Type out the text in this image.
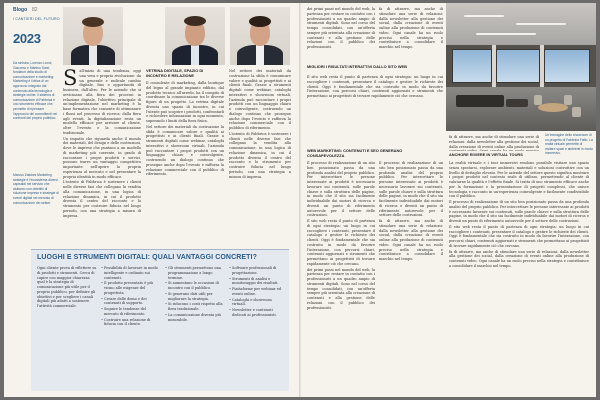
Blogo 82
I CANTIERI DEL FUTURO
2023
Da sinistra, Lorenzo Leoni, Giacomo e Martino Sarzi, fondatori della studio di comunicazione e marketing: Marketing è l'ottica di un approccio integrato dal contenuto alla tecnologia e strategie online: il sistema di comunicazione di Fabbrica è uno strumento efficace che permette di ripensare l'approccio dei committenti nei confronti del proprio pubblico.
Marcus Zalukes Marketing strategie è l'ecosistema diversi capisaldi nel servizio che aiutiamo con obiettivi di riduzione imprese e strategie di eventi digitali nel mercato di comunicazione dei settori.
S all'inizio di una tendenza, oggi una vera e propria rivoluzione: da un generale e radicale cambio digitale, fino e opportunità di business, dall'altro. Per le aziende che si avvicinano alla fiera dei processi in relazione digitale, l'obiettivo principale di un'implementazione nel marketing è la base formativa che consente di ottimizzare i flussi nel processo di ricerca: dalla fiera agli eventi, la digitalizzazione resta un modello efficace per arrivare al cliente, oltre l'evento e la comunicazione tradizionale.

Un impatto che riguarda anche il mondo dei materiali, del design e delle costruzioni, dove le imprese che puntano a un modello di marketing più coerente, in grado di raccontare i propri prodotti e servizi, possono trarre un vantaggio competitivo importante nell'aprire la propria esperienza al mercato e nel presentare la propria identità in modo efficace.

L'intento di Fabbrica è sostenere i clienti nelle diverse fasi che collegano la vendita alla comunicazione, in una logica di relazione dinamica, in cui il prodotto diventa il centro del racconto e lo strumento per costruire fiducia nel lungo periodo, con una strategia a misura di impresa.

VETRINA DIGITALE, SPAZIO DI INCONTRO E RELAZIONE

Il consulente di marketing, dalla boutique del legno al grande impianto edilizio, dal prodotto tecnico all'arredo, ha il compito di coordinare la comunicazione tra le diverse figure di un progetto. La vetrina digitale diventa uno spazio di incontro, in cui l'utente può scoprire i prodotti, confrontarli e richiedere informazioni in ogni momento, superando i limiti della fiera fisica.

Nel settore dei materiali da costruzione la sfida è comunicare valore e qualità ai progettisti e ai clienti finali. Grazie a strumenti digitali come webinar, cataloghi interattivi e showroom virtuali, l'azienda può raccontare i propri prodotti con un linguaggio chiaro e coinvolgente, costruendo un dialogo continuo che prosegue anche dopo l'evento e rafforza la relazione commerciale con il pubblico di riferimento.

Nel settore dei materiali da costruzione la sfida è comunicare valore e qualità ai progettisti e ai clienti finali. Grazie a strumenti digitali come webinar, cataloghi interattivi e showroom virtuali, l'azienda può raccontare i propri prodotti con un linguaggio chiaro e coinvolgente, costruendo un dialogo continuo che prosegue anche dopo l'evento e rafforza la relazione commerciale con il pubblico di riferimento.

L'intento di Fabbrica è sostenere i clienti nelle diverse fasi che collegano la vendita alla comunicazione, in una logica di relazione dinamica, in cui il prodotto diventa il centro del racconto e lo strumento per costruire fiducia nel lungo periodo, con una strategia a misura di impresa.

LUOGHI E STRUMENTI DIGITALI: QUALI VANTAGGI CONCRETI?

Ogni cliente prova di riflettere su di prodotti e strumenti. Cerca di capire con maggior chiarezza qual è la strategia di comunicazione più utile per il proprio pubblico, per definire gli obiettivi e per scegliere i canali digitali più adatti a sostenere l'attività commerciale.

• Possibilità di lavorare in modo intelligente e ordinato sui contenuti.
• Il prodotto presentato è più vicino alle esigenze del progettista.
• Creare delle demo e dei contenuti di supporto.
• Seguire le tendenze del mercato di riferimento.
• Costruire una relazione di fiducia con il cliente.
• Gli strumenti permettono una programmazione a lungo termine.
• Si aumentano le occasioni di incontro con il pubblico.
• Si generano dati utili per migliorare la strategia.
• Si riducono i costi rispetto alla fiera tradizionale.
• La comunicazione diventa più misurabile.
• Software professionali di progettazione.
• Strumenti di analisi e monitoraggio dei risultati.
• Piattaforme per webinar ed eventi online.
• Cataloghi e showroom virtuali.
• Newsletter e contenuti dedicati ai professionisti.

dei primi passi nel mondo del web, la partenza per restare in contatto con i professionisti a un quadro ampio di strumenti digitali. Sono nel corso del tempo consolidati, con un'offerta sempre più orientata alla creazione di contenuti e alla gestione delle relazioni con il pubblico dei professionisti.

MIGLIORI I RISULTATI INTERATTIVI DALLO SITO WEB

Il sito web resta il punto di partenza di ogni strategia: un luogo in cui raccogliere i contenuti, presentare il catalogo e gestire le richieste dei clienti. Oggi è fondamentale che sia costruito in modo da favorire l'interazione, con percorsi chiari, contenuti aggiornati e strumenti che permettano ai progettisti di trovare rapidamente ciò che cercano.

WEB MARKETING: CONTENUTI E SEO GENERANO CONSAPEVOLEZZA

Il processo di realizzazione di un sito ben posizionato passa da una profonda analisi del proprio pubblico. Per intercettare le persone interessate ai prodotti è necessario lavorare sui contenuti, sulle parole chiave e sulla struttura delle pagine, in modo che il sito sia facilmente individuabile dai motori di ricerca e diventi un punto di riferimento autorevole per il settore delle costruzioni.

Il sito web resta il punto di partenza di ogni strategia: un luogo in cui raccogliere i contenuti, presentare il catalogo e gestire le richieste dei clienti. Oggi è fondamentale che sia costruito in modo da favorire l'interazione, con percorsi chiari, contenuti aggiornati e strumenti che permettano ai progettisti di trovare rapidamente ciò che cercano.

dei primi passi nel mondo del web, la partenza per restare in contatto con i professionisti a un quadro ampio di strumenti digitali. Sono nel corso del tempo consolidati, con un'offerta sempre più orientata alla creazione di contenuti e alla gestione delle relazioni con il pubblico dei professionisti.

fa di attrarre, ma anche di stimolare una serie di relazioni: dalla newsletter alla gestione dei social, dalla creazione di eventi online alla produzione di contenuti video. Ogni canale ha un ruolo preciso nella strategia e contribuisce a consolidare il marchio nel tempo.

Il processo di realizzazione di un sito ben posizionato passa da una profonda analisi del proprio pubblico. Per intercettare le persone interessate ai prodotti è necessario lavorare sui contenuti, sulle parole chiave e sulla struttura delle pagine, in modo che il sito sia facilmente individuabile dai motori di ricerca e diventi un punto di riferimento autorevole per il settore delle costruzioni.

fa di attrarre, ma anche di stimolare una serie di relazioni: dalla newsletter alla gestione dei social, dalla creazione di eventi online alla produzione di contenuti video. Ogni canale ha un ruolo preciso nella strategia e contribuisce a consolidare il marchio nel tempo.

Un'immagine dello showroom di un progetto di Fabbrica Fatto. La realtà virtuale permette di visitare spazi e ambienti in modo immersivo.

fa di attrarre, ma anche di stimolare una serie di relazioni: dalla newsletter alla gestione dei social, dalla creazione di eventi online alla produzione di

ANCHORE RIVIERE IN VIRTUAL TOURS

La realtà virtuale e i tour immersivi rendono possibile visitare uno spazio senza spostarsi, esplorare ambienti, materiali e soluzioni costruttive con un livello di dettaglio elevato. Per le aziende del settore questo significa mostrare i propri prodotti nel contesto reale di utilizzo, permettendo al cliente di valutarne la qualità e l'effetto finale. Si tratta di uno strumento efficace anche per la formazione e la presentazione di progetti complessi, che unisce tecnologia e racconto in un'esperienza coinvolgente e facilmente condivisibile con il pubblico.

Il processo di realizzazione di un sito ben posizionato passa da una profonda analisi del proprio pubblico. Per intercettare le persone interessate ai prodotti è necessario lavorare sui contenuti, sulle parole chiave e sulla struttura delle pagine, in modo che il sito sia facilmente individuabile dai motori di ricerca e diventi un punto di riferimento autorevole per il settore delle costruzioni.

Il sito web resta il punto di partenza di ogni strategia: un luogo in cui raccogliere i contenuti, presentare il catalogo e gestire le richieste dei clienti. Oggi è fondamentale che sia costruito in modo da favorire l'interazione, con percorsi chiari, contenuti aggiornati e strumenti che permettano ai progettisti di trovare rapidamente ciò che cercano.

fa di attrarre, ma anche di stimolare una serie di relazioni: dalla newsletter alla gestione dei social, dalla creazione di eventi online alla produzione di contenuti video. Ogni canale ha un ruolo preciso nella strategia e contribuisce a consolidare il marchio nel tempo.
